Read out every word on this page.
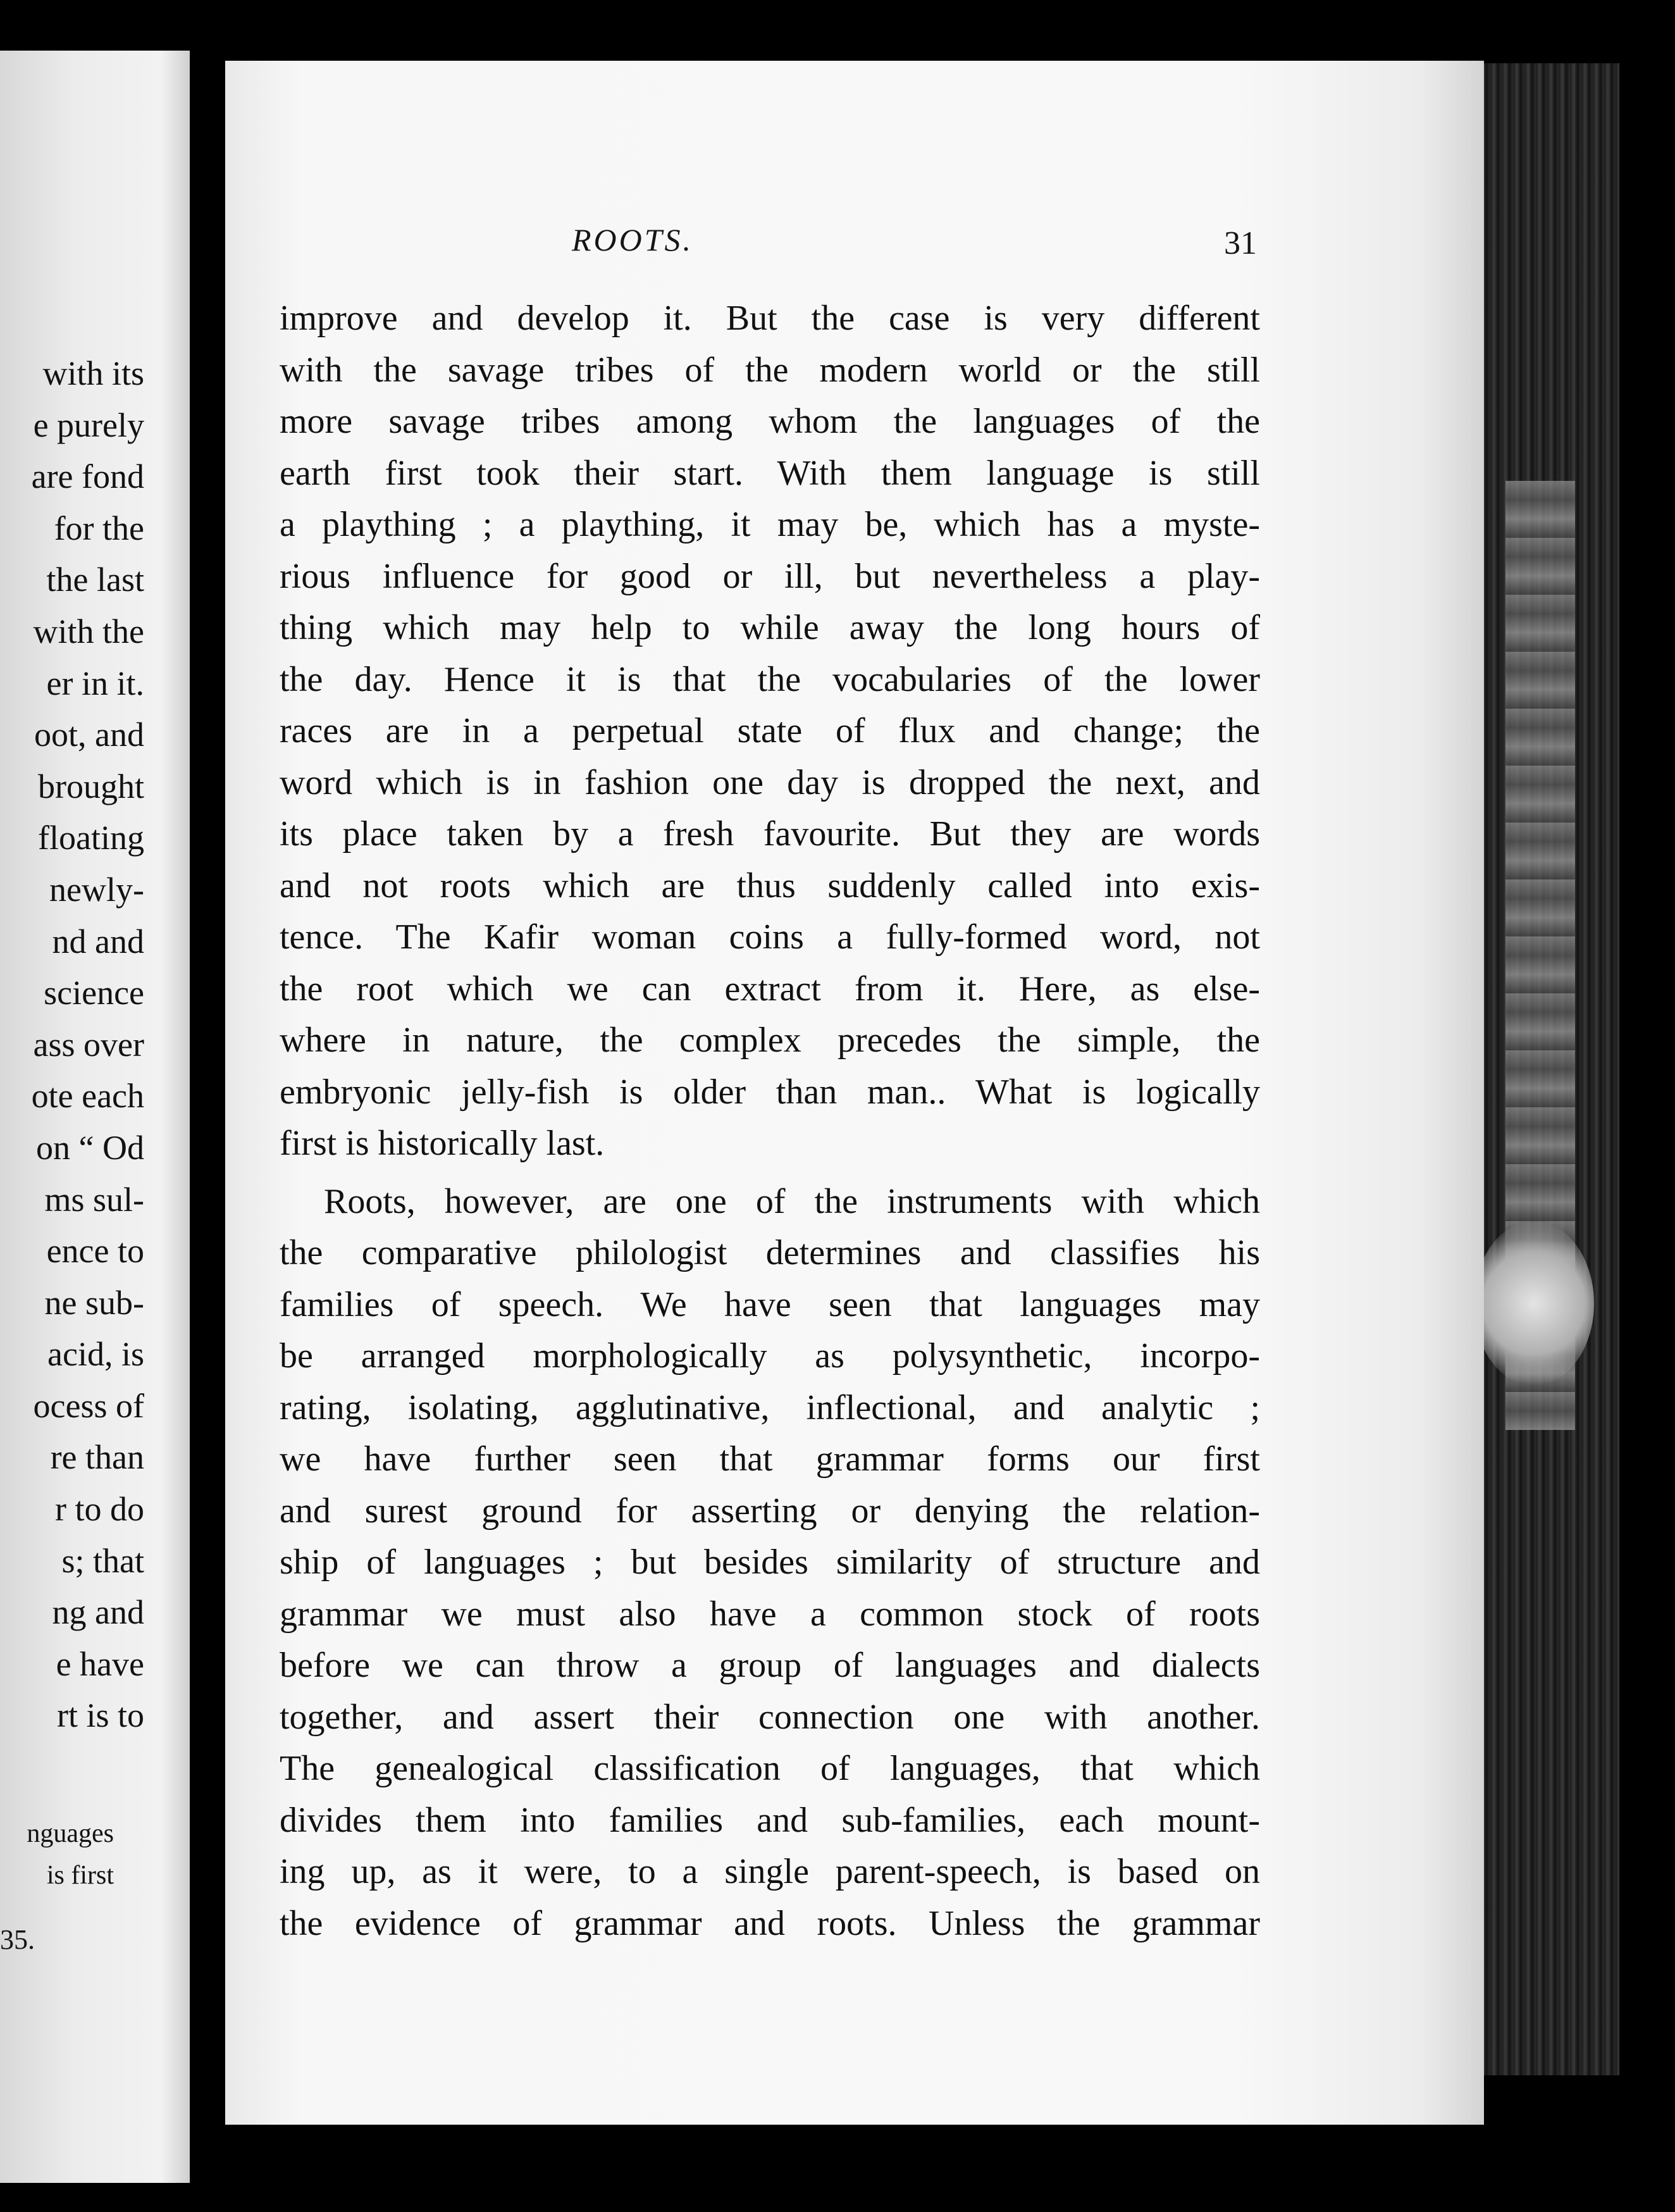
with its
e purely
are fond
for the
the last
with the
er in it.
oot, and
brought
floating
newly-
nd and
science
ass over
ote each
on “ Od
ms sul-
ence to
ne sub-
acid, is
ocess of
re than
r to do
s; that
ng and
e have
rt is to
nguages
is first
35.
ROOTS.	31
improve and develop it. But the case is very different
with the savage tribes of the modern world or the still
more savage tribes among whom the languages of the
earth first took their start. With them language is still
a plaything ; a plaything, it may be, which has a myste-
rious influence for good or ill, but nevertheless a play-
thing which may help to while away the long hours of
the day. Hence it is that the vocabularies of the lower
races are in a perpetual state of flux and change; the
word which is in fashion one day is dropped the next, and
its place taken by a fresh favourite. But they are words
and not roots which are thus suddenly called into exis-
tence. The Kafir woman coins a fully-formed word, not
the root which we can extract from it. Here, as else-
where in nature, the complex precedes the simple, the
embryonic jelly-fish is older than man.. What is logically
first is historically last.
Roots, however, are one of the instruments with which
the comparative philologist determines and classifies his
families of speech. We have seen that languages may
be arranged morphologically as polysynthetic, incorpo-
rating, isolating, agglutinative, inflectional, and analytic ;
we have further seen that grammar forms our first
and surest ground for asserting or denying the relation-
ship of languages ; but besides similarity of structure and
grammar we must also have a common stock of roots
before we can throw a group of languages and dialects
together, and assert their connection one with another.
The genealogical classification of languages, that which
divides them into families and sub-families, each mount-
ing up, as it were, to a single parent-speech, is based on
the evidence of grammar and roots. Unless the grammar
